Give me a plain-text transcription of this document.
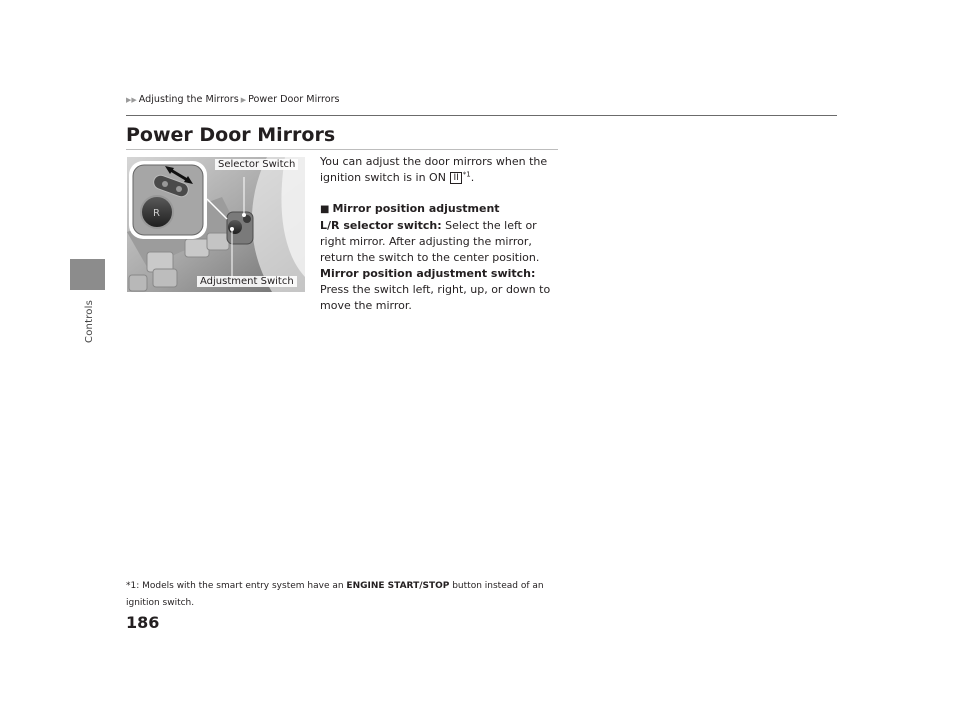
Controls
▶▶ Adjusting the Mirrors ▶ Power Door Mirrors
Power Door Mirrors
R
Selector Switch
Adjustment Switch

You can adjust the door mirrors when the ignition switch is in ON II $^{*1}$.

■ Mirror position adjustment

L/R selector switch: Select the left or right mirror. After adjusting the mirror, return the switch to the center position.

Mirror position adjustment switch: Press the switch left, right, up, or down to move the mirror.

*1: Models with the smart entry system have an ENGINE START/STOP button instead of an ignition switch.
186
